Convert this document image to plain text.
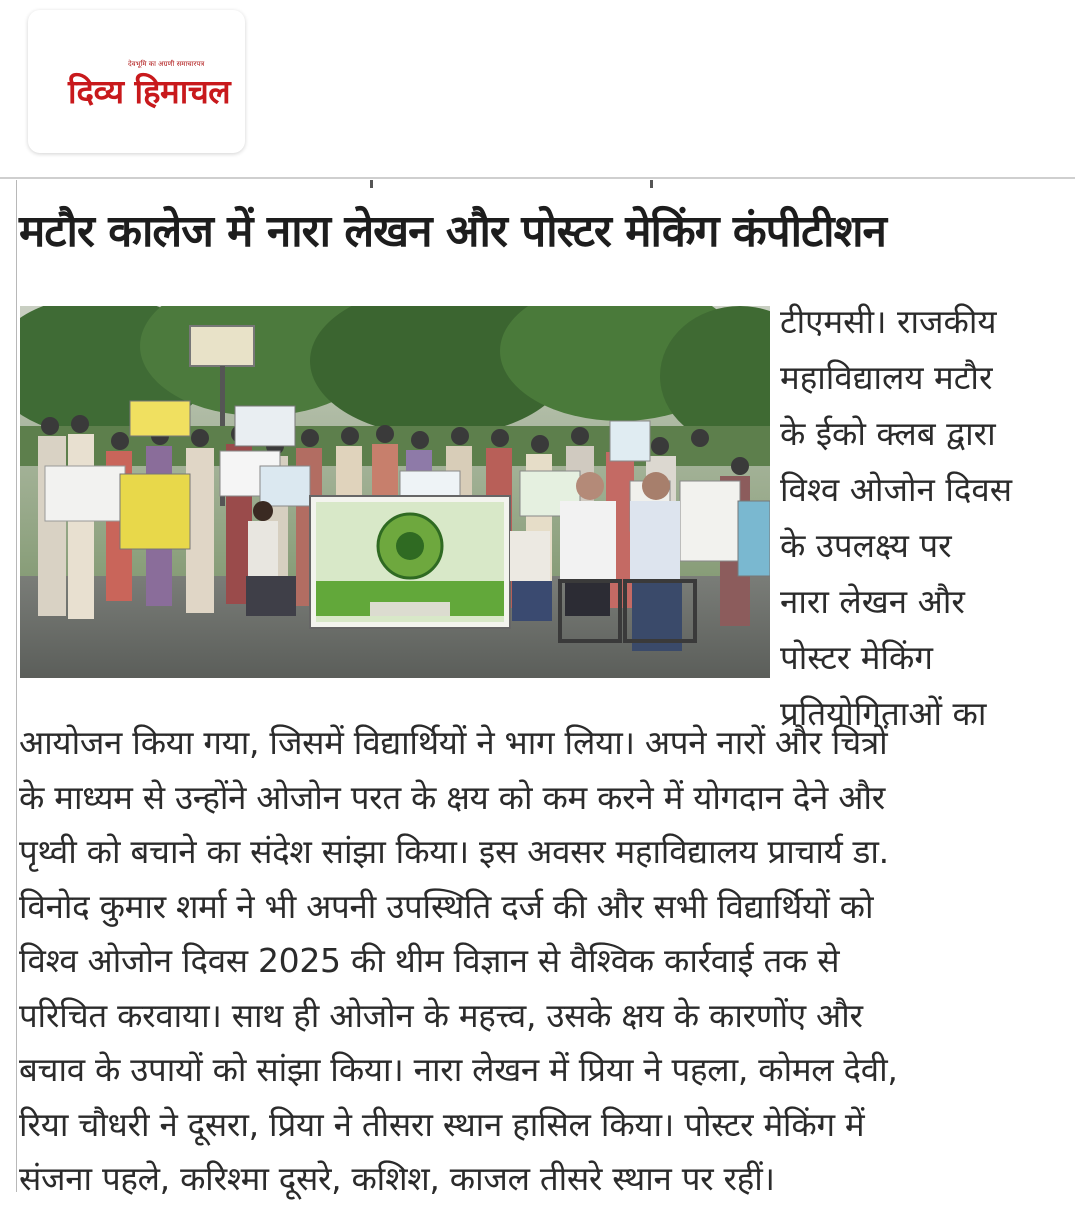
देवभूमि का अग्रणी समाचारपत्र
दिव्य हिमाचल
मटौर कालेज में नारा लेखन और पोस्टर मेकिंग कंपीटीशन
टीएमसी। राजकीय
महाविद्यालय मटौर
के ईको क्लब द्वारा
विश्व ओजोन दिवस
के उपलक्ष्य पर
नारा लेखन और
पोस्टर मेकिंग
प्रतियोगिताओं का
आयोजन किया गया, जिसमें विद्यार्थियों ने भाग लिया। अपने नारों और चित्रों
के माध्यम से उन्होंने ओजोन परत के क्षय को कम करने में योगदान देने और
पृथ्वी को बचाने का संदेश सांझा किया। इस अवसर महाविद्यालय प्राचार्य डा.
विनोद कुमार शर्मा ने भी अपनी उपस्थिति दर्ज की और सभी विद्यार्थियों को
विश्व ओजोन दिवस 2025 की थीम विज्ञान से वैश्विक कार्रवाई तक से
परिचित करवाया। साथ ही ओजोन के महत्त्व, उसके क्षय के कारणोंए और
बचाव के उपायों को सांझा किया। नारा लेखन में प्रिया ने पहला, कोमल देवी,
रिया चौधरी ने दूसरा, प्रिया ने तीसरा स्थान हासिल किया। पोस्टर मेकिंग में
संजना पहले, करिश्मा दूसरे, कशिश, काजल तीसरे स्थान पर रहीं।
